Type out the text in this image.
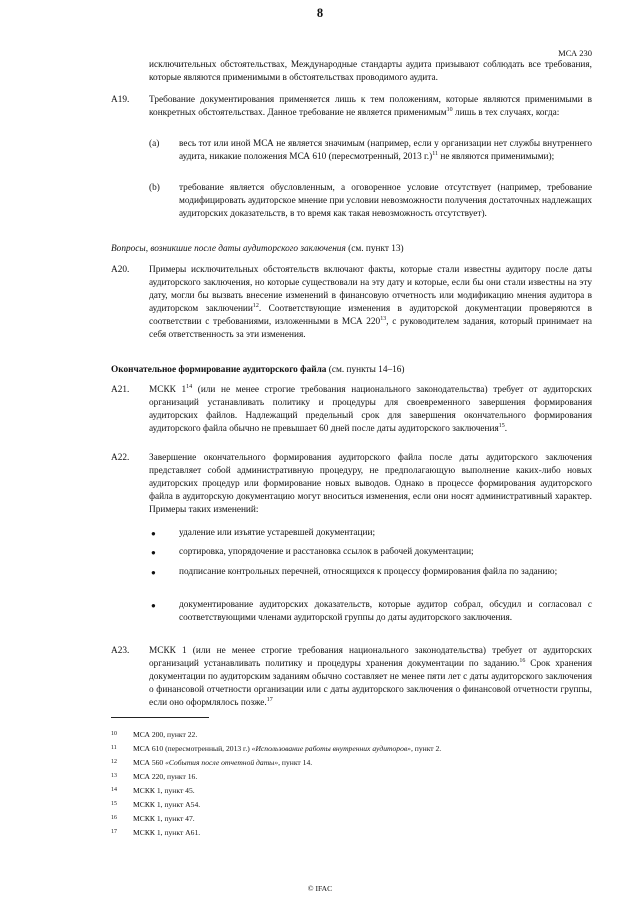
8
МСА 230
исключительных обстоятельствах, Международные стандарты аудита призывают соблюдать все требования, которые являются применимыми в обстоятельствах проводимого аудита.
A19. Требование документирования применяется лишь к тем положениям, которые являются применимыми в конкретных обстоятельствах. Данное требование не является применимым$^{10}$ лишь в тех случаях, когда:
(a) весь тот или иной МСА не является значимым (например, если у организации нет службы внутреннего аудита, никакие положения МСА 610 (пересмотренный, 2013 г.)$^{11}$ не являются применимыми);
(b) требование является обусловленным, а оговоренное условие отсутствует (например, требование модифицировать аудиторское мнение при условии невозможности получения достаточных надлежащих аудиторских доказательств, в то время как такая невозможность отсутствует).
Вопросы, возникшие после даты аудиторского заключения (см. пункт 13)
A20. Примеры исключительных обстоятельств включают факты, которые стали известны аудитору после даты аудиторского заключения, но которые существовали на эту дату и которые, если бы они стали известны на эту дату, могли бы вызвать внесение изменений в финансовую отчетность или модификацию мнения аудитора в аудиторском заключении$^{12}$. Соответствующие изменения в аудиторской документации проверяются в соответствии с требованиями, изложенными в МСА $220^{13}$, с руководителем задания, который принимает на себя ответственность за эти изменения.
Окончательное формирование аудиторского файла (см. пункты 14–16)
A21. МСКК $1^{14}$ (или не менее строгие требования национального законодательства) требует от аудиторских организаций устанавливать политику и процедуры для своевременного завершения формирования аудиторских файлов. Надлежащий предельный срок для завершения окончательного формирования аудиторского файла обычно не превышает 60 дней после даты аудиторского заключения$^{15}$.
A22. Завершение окончательного формирования аудиторского файла после даты аудиторского заключения представляет собой административную процедуру, не предполагающую выполнение каких-либо новых аудиторских процедур или формирование новых выводов. Однако в процессе формирования аудиторского файла в аудиторскую документацию могут вноситься изменения, если они носят административный характер. Примеры таких изменений:
● удаление или изъятие устаревшей документации;
● сортировка, упорядочение и расстановка ссылок в рабочей документации;
● подписание контрольных перечней, относящихся к процессу формирования файла по заданию;
● документирование аудиторских доказательств, которые аудитор собрал, обсудил и согласовал с соответствующими членами аудиторской группы до даты аудиторского заключения.
A23. МСКК 1 (или не менее строгие требования национального законодательства) требует от аудиторских организаций устанавливать политику и процедуры хранения документации по заданию.$^{16}$ Срок хранения документации по аудиторским заданиям обычно составляет не менее пяти лет с даты аудиторского заключения о финансовой отчетности организации или с даты аудиторского заключения о финансовой отчетности группы, если оно оформлялось позже.$^{17}$
10 МСА 200, пункт 22.
11 МСА 610 (пересмотренный, 2013 г.) «Использование работы внутренних аудиторов», пункт 2.
12 МСА 560 «События после отчетной даты», пункт 14.
13 МСА 220, пункт 16.
14 МСКК 1, пункт 45.
15 МСКК 1, пункт A54.
16 МСКК 1, пункт 47.
17 МСКК 1, пункт A61.
© IFAC
